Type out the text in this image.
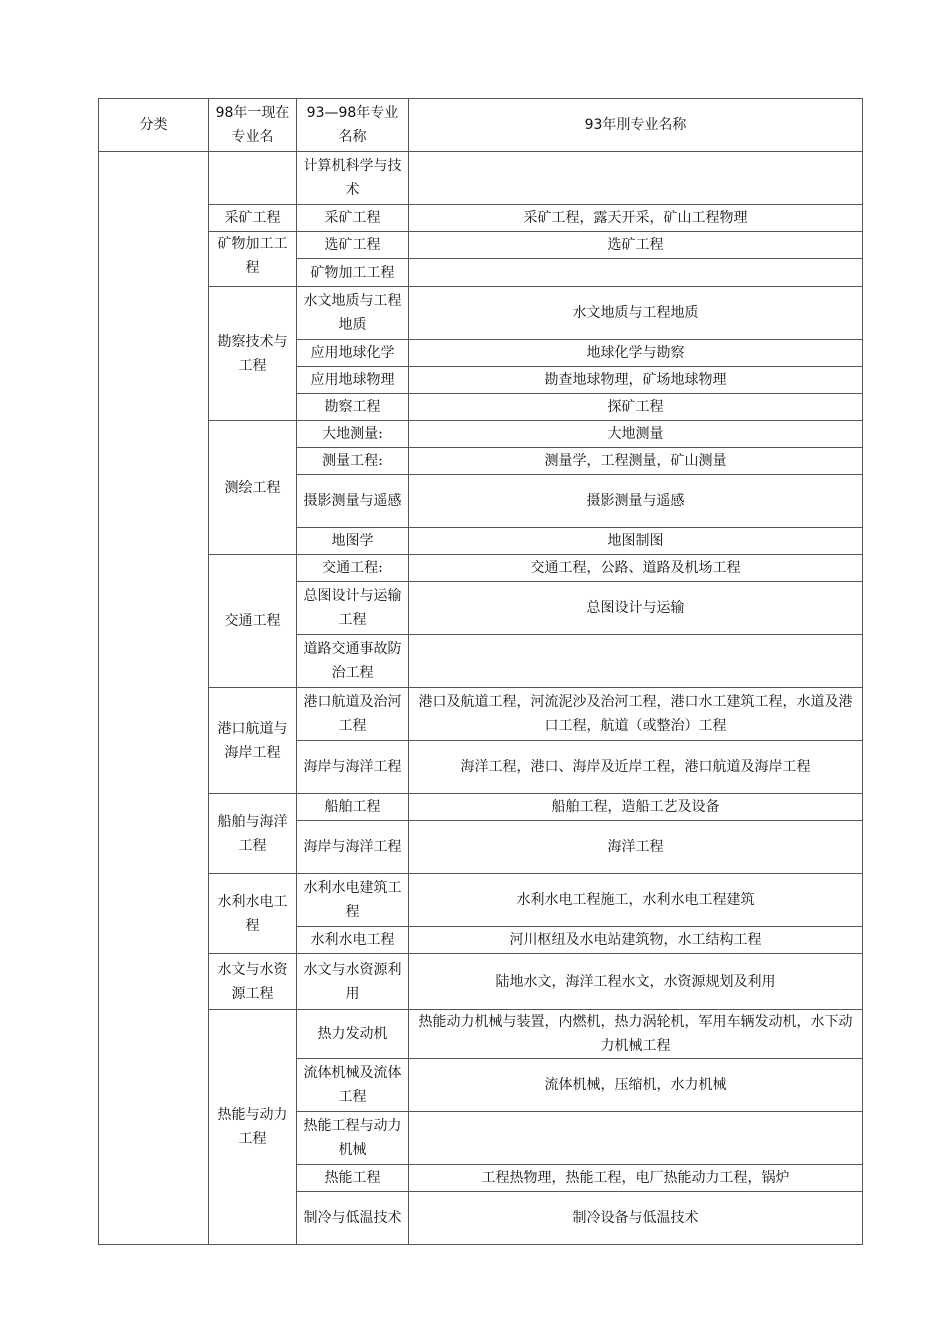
分类	98年一现在专业名	93—98年专业名称	93年刖专业名称
		计算机科学与技术	
	采矿工程	采矿工程	采矿工程，露天开采，矿山工程物理
	矿物加工工程	选矿工程	选矿工程
		矿物加工工程	
	勘察技术与工程	水文地质与工程地质	水文地质与工程地质
		应用地球化学	地球化学与勘察
		应用地球物理	勘查地球物理，矿场地球物理
		勘察工程	探矿工程
	测绘工程	大地测量:	大地测量
		测量工程:	测量学，工程测量，矿山测量
		摄影测量与遥感	摄影测量与遥感
		地图学	地图制图
	交通工程	交通工程:	交通工程，公路、道路及机场工程
		总图设计与运输工程	总图设计与运输
		道路交通事故防治工程	
	港口航道与海岸工程	港口航道及治河工程	港口及航道工程，河流泥沙及治河工程，港口水工建筑工程，水道及港口工程，航道（或整治）工程
		海岸与海洋工程	海洋工程，港口、海岸及近岸工程，港口航道及海岸工程
	船舶与海洋工程	船舶工程	船舶工程，造船工艺及设备
		海岸与海洋工程	海洋工程
	水利水电工程	水利水电建筑工程	水利水电工程施工，水利水电工程建筑
		水利水电工程	河川枢纽及水电站建筑物，水工结构工程
	水文与水资源工程	水文与水资源利用	陆地水文，海洋工程水文，水资源规划及利用
	热能与动力工程	热力发动机	热能动力机械与装置，内燃机，热力涡轮机，军用车辆发动机，水下动力机械工程
		流体机械及流体工程	流体机械，压缩机，水力机械
		热能工程与动力机械	
		热能工程	工程热物理，热能工程，电厂热能动力工程，锅炉
		制冷与低温技术	制冷设备与低温技术
